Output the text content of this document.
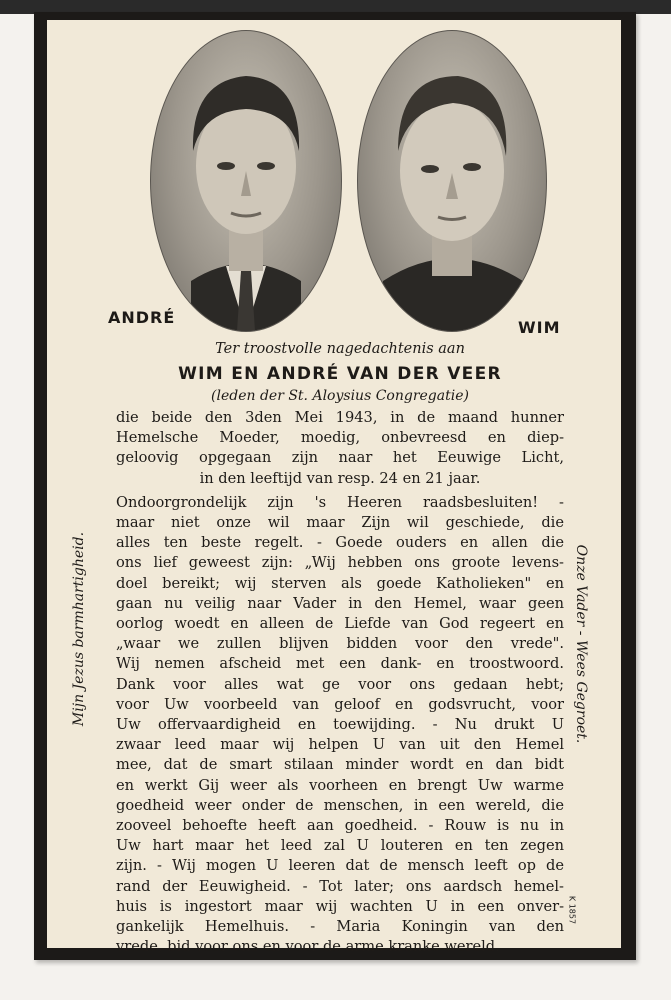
ANDRÉ
WIM
Ter troostvolle nagedachtenis aan
WIM EN ANDRÉ VAN DER VEER
(leden der St. Aloysius Congregatie)
die beide den 3den Mei 1943, in de maand hunner
Hemelsche Moeder, moedig, onbevreesd en diep-
geloovig opgegaan zijn naar het Eeuwige Licht,
in den leeftijd van resp. 24 en 21 jaar.
Ondoorgrondelijk zijn 's Heeren raadsbesluiten! -
maar niet onze wil maar Zijn wil geschiede, die
alles ten beste regelt. - Goede ouders en allen die
ons lief geweest zijn: „Wij hebben ons groote levens-
doel bereikt; wij sterven als goede Katholieken" en
gaan nu veilig naar Vader in den Hemel, waar geen
oorlog woedt en alleen de Liefde van God regeert en
„waar we zullen blijven bidden voor den vrede".
Wij nemen afscheid met een dank- en troostwoord.
Dank voor alles wat ge voor ons gedaan hebt;
voor Uw voorbeeld van geloof en godsvrucht, voor
Uw offervaardigheid en toewijding. - Nu drukt U
zwaar leed maar wij helpen U van uit den Hemel
mee, dat de smart stilaan minder wordt en dan bidt
en werkt Gij weer als voorheen en brengt Uw warme
goedheid weer onder de menschen, in een wereld, die
zooveel behoefte heeft aan goedheid. - Rouw is nu in
Uw hart maar het leed zal U louteren en ten zegen
zijn. - Wij mogen U leeren dat de mensch leeft op de
rand der Eeuwigheid. - Tot later; ons aardsch hemel-
huis is ingestort maar wij wachten U in een onver-
gankelijk Hemelhuis. - Maria Koningin van den
vrede, bid voor ons en voor de arme kranke wereld.
Mijn Jezus barmhartigheid.	Onze Vader - Wees Gegroet.
K 1857
